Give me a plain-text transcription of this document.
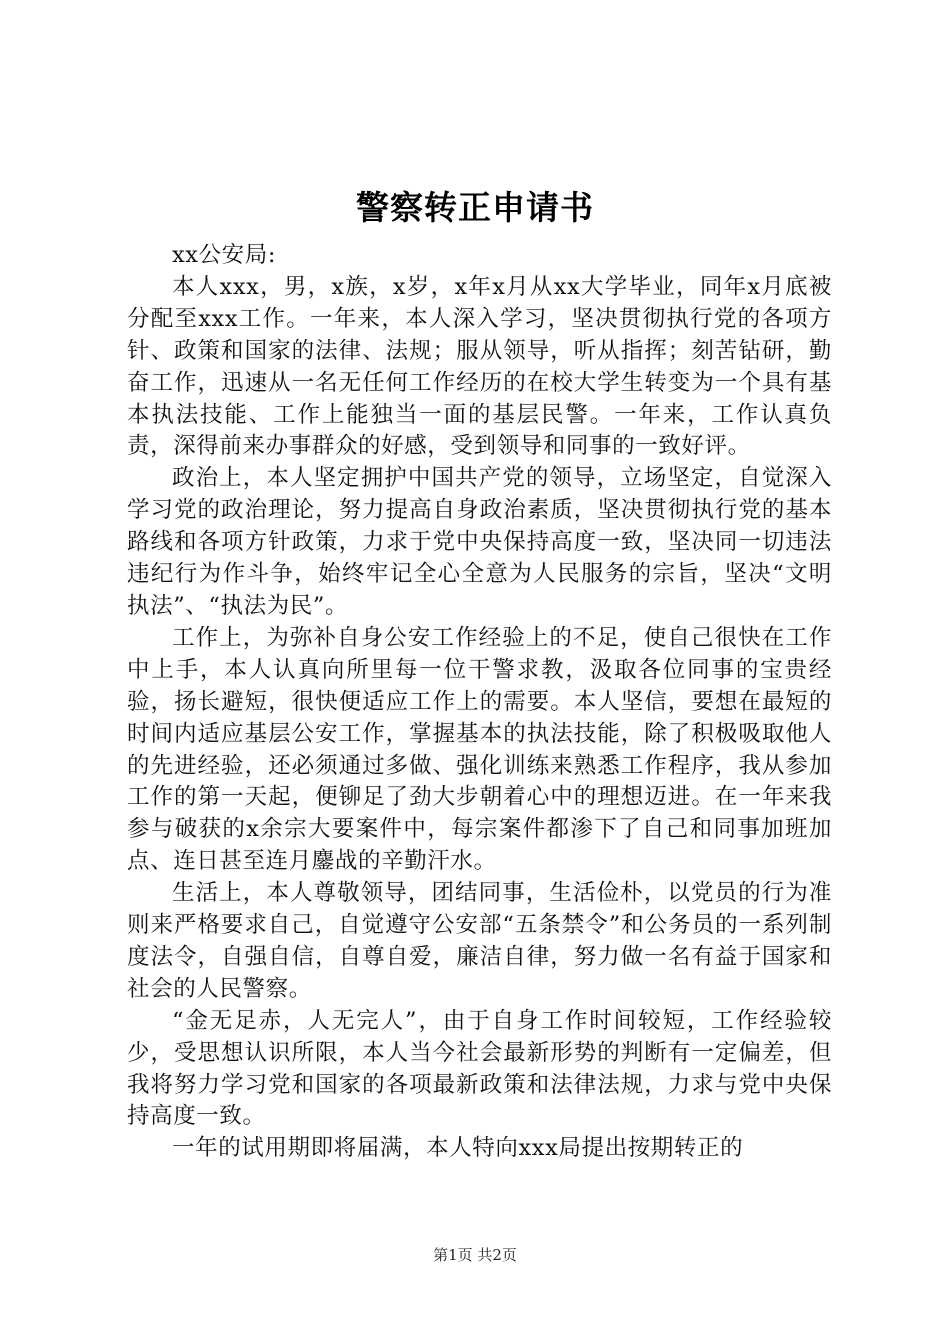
警察转正申请书

xx公安局:

本人xxx，男，x族，x岁，x年x月从xx大学毕业，同年x月底被分配至xxx工作。一年来，本人深入学习，坚决贯彻执行党的各项方针、政策和国家的法律、法规；服从领导，听从指挥；刻苦钻研，勤奋工作，迅速从一名无任何工作经历的在校大学生转变为一个具有基本执法技能、工作上能独当一面的基层民警。一年来，工作认真负责，深得前来办事群众的好感，受到领导和同事的一致好评。

政治上，本人坚定拥护中国共产党的领导，立场坚定，自觉深入学习党的政治理论，努力提高自身政治素质，坚决贯彻执行党的基本路线和各项方针政策，力求于党中央保持高度一致，坚决同一切违法违纪行为作斗争，始终牢记全心全意为人民服务的宗旨，坚决“文明执法”、“执法为民”。

工作上，为弥补自身公安工作经验上的不足，使自己很快在工作中上手，本人认真向所里每一位干警求教，汲取各位同事的宝贵经验，扬长避短，很快便适应工作上的需要。本人坚信，要想在最短的时间内适应基层公安工作，掌握基本的执法技能，除了积极吸取他人的先进经验，还必须通过多做、强化训练来熟悉工作程序，我从参加工作的第一天起，便铆足了劲大步朝着心中的理想迈进。在一年来我参与破获的x余宗大要案件中，每宗案件都渗下了自己和同事加班加点、连日甚至连月鏖战的辛勤汗水。

生活上，本人尊敬领导，团结同事，生活俭朴，以党员的行为准则来严格要求自己，自觉遵守公安部“五条禁令”和公务员的一系列制度法令，自强自信，自尊自爱，廉洁自律，努力做一名有益于国家和社会的人民警察。

“金无足赤，人无完人”，由于自身工作时间较短，工作经验较少，受思想认识所限，本人当今社会最新形势的判断有一定偏差，但我将努力学习党和国家的各项最新政策和法律法规，力求与党中央保持高度一致。

一年的试用期即将届满，本人特向xxx局提出按期转正的

第1页 共2页
